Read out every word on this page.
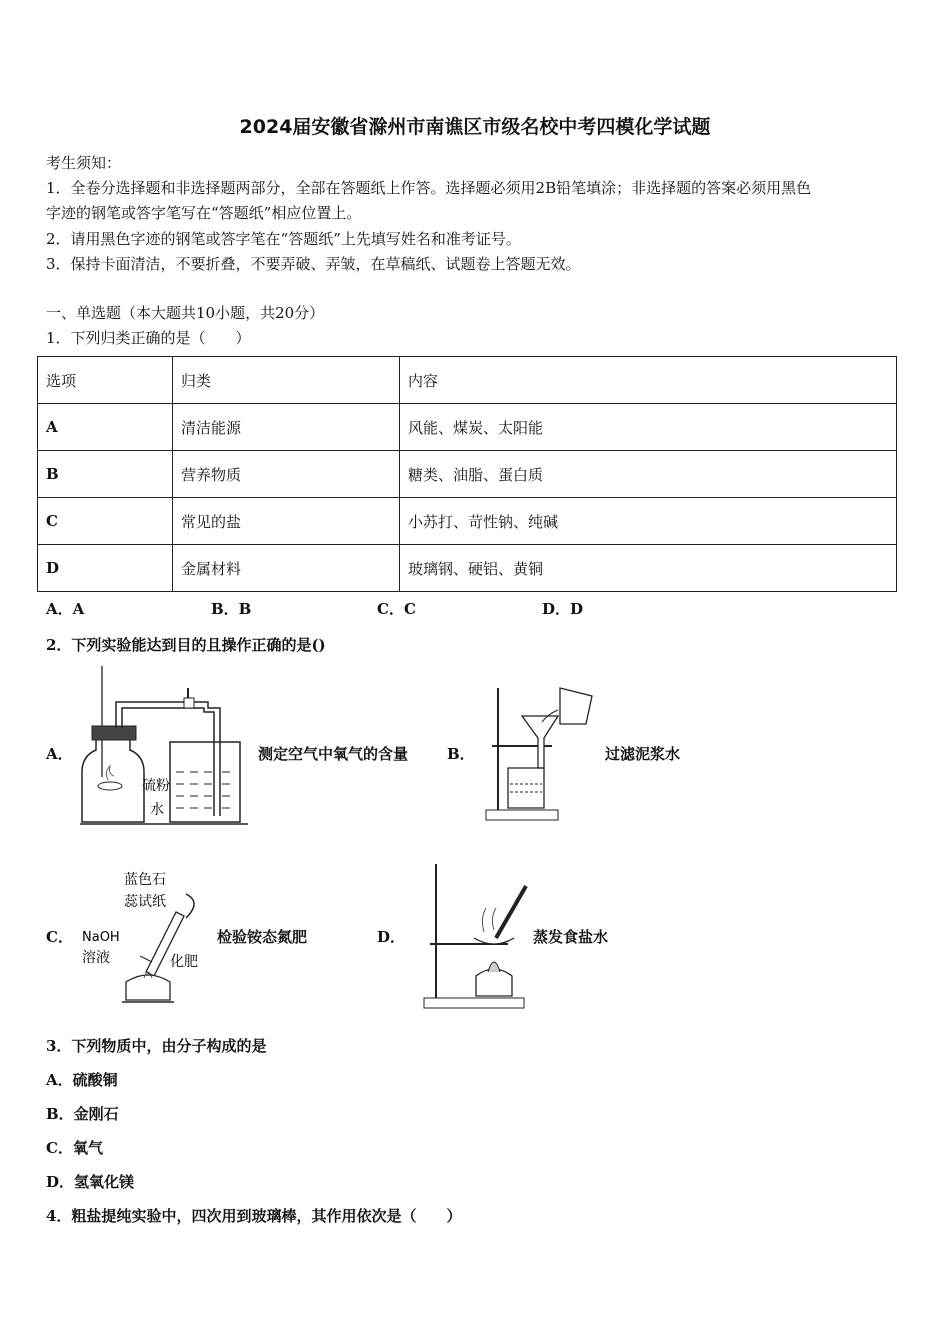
2024届安徽省滁州市南谯区市级名校中考四模化学试题
考生须知：
1．全卷分选择题和非选择题两部分，全部在答题纸上作答。选择题必须用2B铅笔填涂；非选择题的答案必须用黑色
字迹的钢笔或答字笔写在“答题纸”相应位置上。
2．请用黑色字迹的钢笔或答字笔在“答题纸”上先填写姓名和准考证号。
3．保持卡面清洁，不要折叠，不要弄破、弄皱，在草稿纸、试题卷上答题无效。
一、单选题（本大题共10小题，共20分）
1．下列归类正确的是（　　）
选项	归类	内容
A	清洁能源	风能、煤炭、太阳能
B	营养物质	糖类、油脂、蛋白质
C	常见的盐	小苏打、苛性钠、纯碱
D	金属材料	玻璃钢、硬铝、黄铜
A．A	B．B	C．C	D．D
2．下列实验能达到目的且操作正确的是()
A．
硫粉
水
测定空气中氧气的含量	B．	过滤泥浆水
C．
蓝色石
蕊试纸
NaOH
溶液	化肥
检验铵态氮肥	D．	蒸发食盐水
3．下列物质中，由分子构成的是
A．硫酸铜
B．金刚石
C．氧气
D．氢氧化镁
4．粗盐提纯实验中，四次用到玻璃棒，其作用依次是（　　）
